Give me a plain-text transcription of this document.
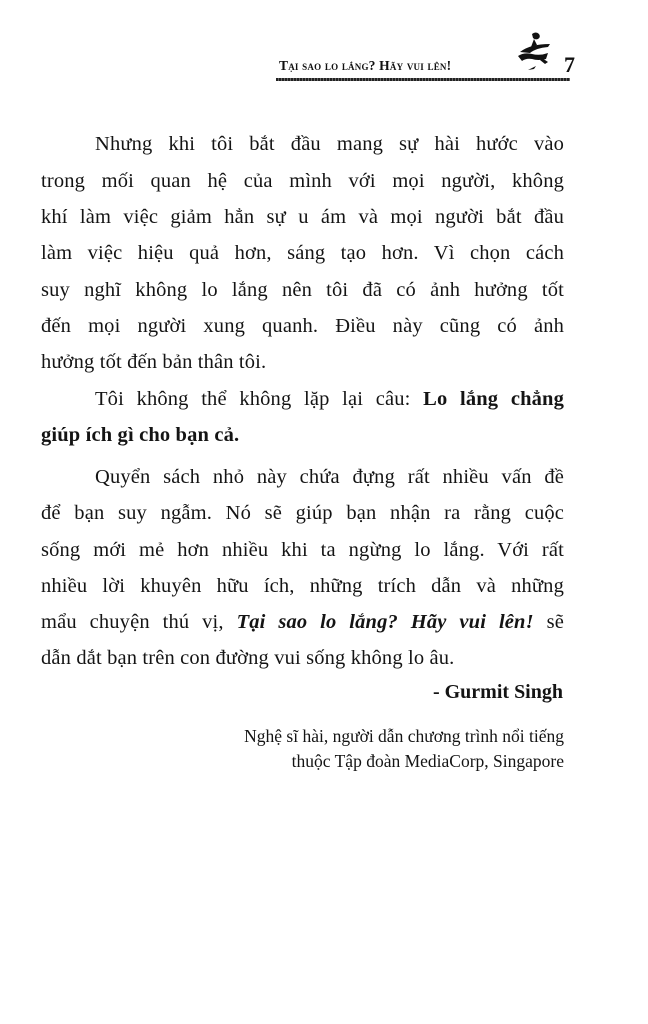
Tại sao lo lắng? Hãy vui lên!	7
Nhưng khi tôi bắt đầu mang sự hài hước vào
trong mối quan hệ của mình với mọi người, không
khí làm việc giảm hẳn sự u ám và mọi người bắt đầu
làm việc hiệu quả hơn, sáng tạo hơn. Vì chọn cách
suy nghĩ không lo lắng nên tôi đã có ảnh hưởng tốt
đến mọi người xung quanh. Điều này cũng có ảnh
hưởng tốt đến bản thân tôi.
Tôi không thể không lặp lại câu: Lo lắng chẳng
giúp ích gì cho bạn cả.
Quyển sách nhỏ này chứa đựng rất nhiều vấn đề
để bạn suy ngẫm. Nó sẽ giúp bạn nhận ra rằng cuộc
sống mới mẻ hơn nhiều khi ta ngừng lo lắng. Với rất
nhiều lời khuyên hữu ích, những trích dẫn và những
mẩu chuyện thú vị, Tại sao lo lắng? Hãy vui lên! sẽ
dẫn dắt bạn trên con đường vui sống không lo âu.
- Gurmit Singh
Nghệ sĩ hài, người dẫn chương trình nổi tiếng
thuộc Tập đoàn MediaCorp, Singapore
